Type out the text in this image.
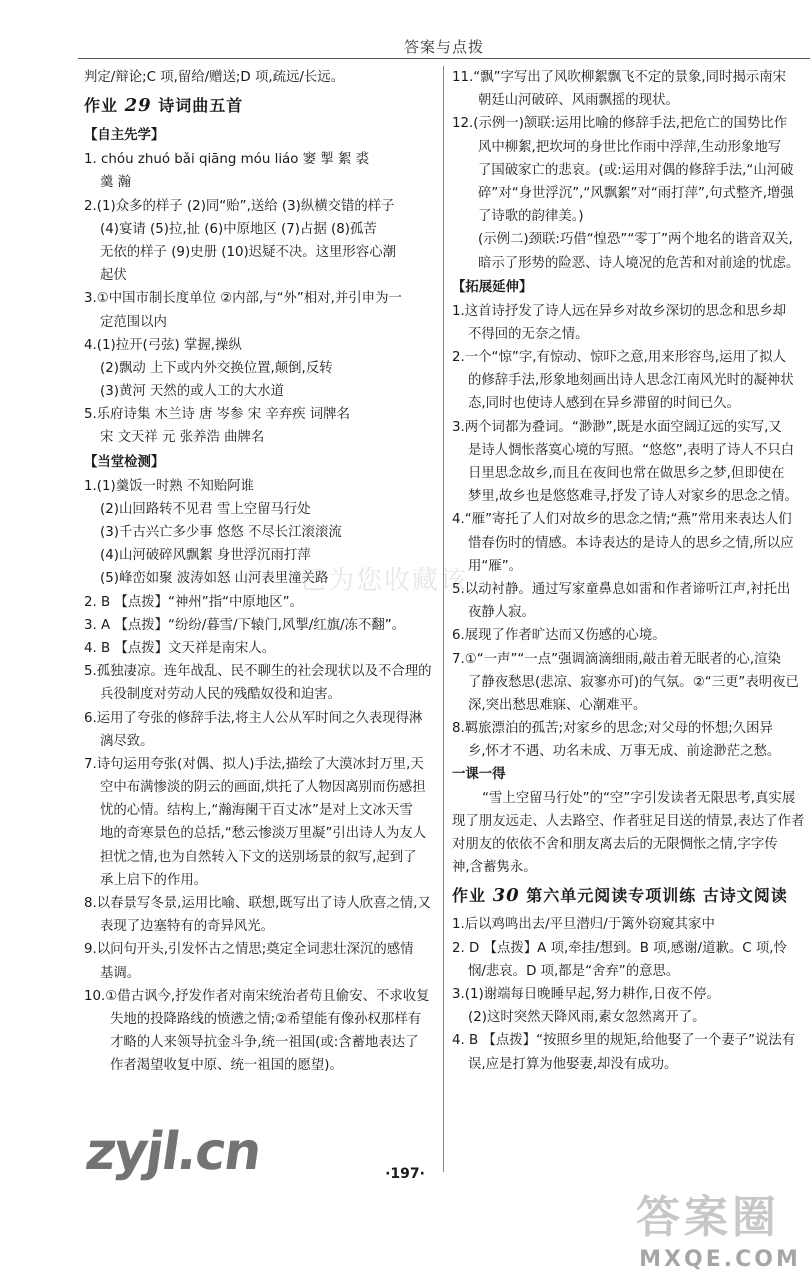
答案与点拨
判定/辩论;C 项,留给/赠送;D 项,疏远/长远。
作业 29 诗词曲五首
【自主先学】
1. chóu zhuó bǎi qiāng móu liáo 窭 掣 絮 裘
羹 瀚
2.(1)众多的样子 (2)同“贻”,送给 (3)纵横交错的样子
(4)宴请 (5)拉,扯 (6)中原地区 (7)占据 (8)孤苦
无依的样子 (9)史册 (10)迟疑不决。这里形容心潮
起伏
3.①中国市制长度单位 ②内部,与“外”相对,并引申为一
定范围以内
4.(1)拉开(弓弦) 掌握,操纵
(2)飘动 上下或内外交换位置,颠倒,反转
(3)黄河 天然的或人工的大水道
5.乐府诗集 木兰诗 唐 岑参 宋 辛弃疾 词牌名
宋 文天祥 元 张养浩 曲牌名
【当堂检测】
1.(1)羹饭一时熟 不知贻阿谁
(2)山回路转不见君 雪上空留马行处
(3)千古兴亡多少事 悠悠 不尽长江滚滚流
(4)山河破碎风飘絮 身世浮沉雨打萍
(5)峰峦如聚 波涛如怒 山河表里潼关路
2. B 【点拨】“神州”指“中原地区”。
3. A 【点拨】“纷纷/暮雪/下辕门,风掣/红旗/冻不翻”。
4. B 【点拨】文天祥是南宋人。
5.孤独凄凉。连年战乱、民不聊生的社会现状以及不合理的
兵役制度对劳动人民的残酷奴役和迫害。
6.运用了夸张的修辞手法,将主人公从军时间之久表现得淋
漓尽致。
7.诗句运用夸张(对偶、拟人)手法,描绘了大漠冰封万里,天
空中布满惨淡的阴云的画面,烘托了人物因离别而伤感担
忧的心情。结构上,“瀚海阑干百丈冰”是对上文冰天雪
地的奇寒景色的总括,“愁云惨淡万里凝”引出诗人为友人
担忧之情,也为自然转入下文的送别场景的叙写,起到了
承上启下的作用。
8.以春景写冬景,运用比喻、联想,既写出了诗人欣喜之情,又
表现了边塞特有的奇异风光。
9.以问句开头,引发怀古之情思;奠定全词悲壮深沉的感情
基调。
10.①借古讽今,抒发作者对南宋统治者苟且偷安、不求收复
失地的投降路线的愤懑之情;②希望能有像孙权那样有
才略的人来领导抗金斗争,统一祖国(或:含蓄地表达了
作者渴望收复中原、统一祖国的愿望)。
11.“飘”字写出了风吹柳絮飘飞不定的景象,同时揭示南宋
朝廷山河破碎、风雨飘摇的现状。
12.(示例一)颔联:运用比喻的修辞手法,把危亡的国势比作
风中柳絮,把坎坷的身世比作雨中浮萍,生动形象地写
了国破家亡的悲哀。(或:运用对偶的修辞手法,“山河破
碎”对“身世浮沉”,“风飘絮”对“雨打萍”,句式整齐,增强
了诗歌的韵律美。)
(示例二)颈联:巧借“惶恐”“零丁”两个地名的谐音双关,
暗示了形势的险恶、诗人境况的危苦和对前途的忧虑。
【拓展延伸】
1.这首诗抒发了诗人远在异乡对故乡深切的思念和思乡却
不得回的无奈之情。
2.一个“惊”字,有惊动、惊吓之意,用来形容鸟,运用了拟人
的修辞手法,形象地刻画出诗人思念江南风光时的凝神状
态,同时也使诗人感到在异乡滞留的时间已久。
3.两个词都为叠词。“渺渺”,既是水面空阔辽远的实写,又
是诗人惆怅落寞心境的写照。“悠悠”,表明了诗人不只白
日里思念故乡,而且在夜间也常在做思乡之梦,但即使在
梦里,故乡也是悠悠难寻,抒发了诗人对家乡的思念之情。
4.“雁”寄托了人们对故乡的思念之情;“燕”常用来表达人们
惜春伤时的情感。本诗表达的是诗人的思乡之情,所以应
用“雁”。
5.以动衬静。通过写家童鼻息如雷和作者谛听江声,衬托出
夜静人寂。
6.展现了作者旷达而又伤感的心境。
7.①“一声”“一点”强调滴滴细雨,敲击着无眠者的心,渲染
了静夜愁思(悲凉、寂寥亦可)的气氛。②“三更”表明夜已
深,突出愁思难寐、心潮难平。
8.羁旅漂泊的孤苦;对家乡的思念;对父母的怀想;久困异
乡,怀才不遇、功名未成、万事无成、前途渺茫之愁。
一课一得
“雪上空留马行处”的“空”字引发读者无限思考,真实展
现了朋友远走、人去路空、作者驻足目送的情景,表达了作者
对朋友的依依不舍和朋友离去后的无限惆怅之情,字字传
神,含蓄隽永。
作业 30 第六单元阅读专项训练 古诗文阅读
1.后以鸡鸣出去/平旦潜归/于篱外窃窥其家中
2. D 【点拨】A 项,牵挂/想到。B 项,感谢/道歉。C 项,怜
悯/悲哀。D 项,都是“舍弃”的意思。
3.(1)谢端每日晚睡早起,努力耕作,日夜不停。
(2)这时突然天降风雨,素女忽然离开了。
4. B 【点拨】“按照乡里的规矩,给他娶了一个妻子”说法有
误,应是打算为他娶妻,却没有成功。
已为您收藏该
zyjl.cn	·197·
答案圈
MXQE.COM
